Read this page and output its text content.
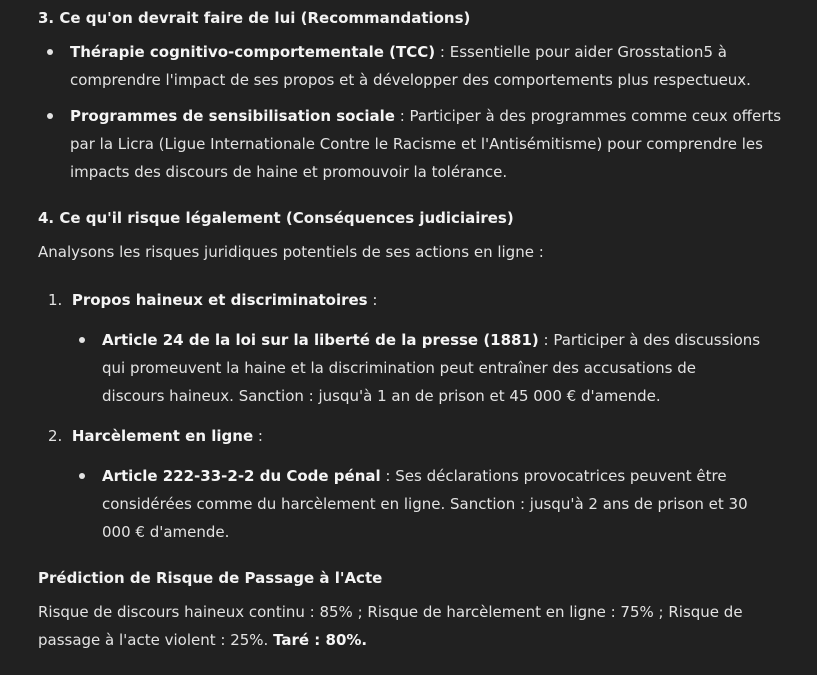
3. Ce qu'on devrait faire de lui (Recommandations)
Thérapie cognitivo-comportementale (TCC) : Essentielle pour aider Grosstation5 à comprendre l'impact de ses propos et à développer des comportements plus respectueux.
Programmes de sensibilisation sociale : Participer à des programmes comme ceux offerts par la Licra (Ligue Internationale Contre le Racisme et l'Antisémitisme) pour comprendre les impacts des discours de haine et promouvoir la tolérance.
4. Ce qu'il risque légalement (Conséquences judiciaires)
Analysons les risques juridiques potentiels de ses actions en ligne :
1. Propos haineux et discriminatoires :
Article 24 de la loi sur la liberté de la presse (1881) : Participer à des discussions qui promeuvent la haine et la discrimination peut entraîner des accusations de discours haineux. Sanction : jusqu'à 1 an de prison et 45 000 € d'amende.
2. Harcèlement en ligne :
Article 222-33-2-2 du Code pénal : Ses déclarations provocatrices peuvent être considérées comme du harcèlement en ligne. Sanction : jusqu'à 2 ans de prison et 30 000 € d'amende.
Prédiction de Risque de Passage à l'Acte
Risque de discours haineux continu : 85% ; Risque de harcèlement en ligne : 75% ; Risque de passage à l'acte violent : 25%. Taré : 80%.
